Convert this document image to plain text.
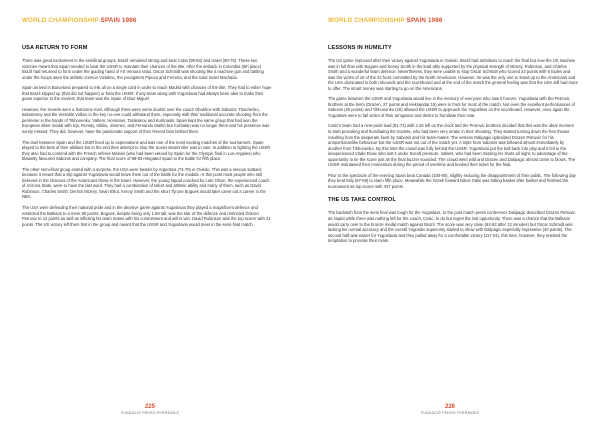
WORLD CHAMPIONSHIP SPAIN 1986
USA RETURN TO FORM

There was great excitement in the semifinal groups. Brazil remained strong and beat Cuba (99-83) and Israel (90-75). These two victories meant that Spain needed to beat the USSR to maintain their chances of the title. After the setback in Colombia (6th place) Brazil had returned to form under the guiding hand of Art Ventura Valui. Oscar Schmidt was shooting like a machine gun and battling under the hoops were the athletic Gerson Victalino, the youngsters Pipoca and Ferreira, and the solid Israel Machado.

Spain arrived in Barcelona prepared to risk all on a single card in order to reach Madrid with chances of the title. They had to either hope that Brazil slipped up (that did not happen) or beat the USSR. If any team along with Yugoslavia had always been able to make their game superior to the Soviets, that team was the Spain of Diaz Miguel.

However, the Soviets were a fearsome rival. Although there were some doubts over the coach Obukhov with Sabonis, Tkachenko, Belostenny and the versatile Volkov in the key no-one could withstand them, especially with their traditional accurate shooting from the perimeter in the hands of Tikhonenko, Valters, Homiciius, Tarakanov and Kurtinaitis. Spain kept the same group that had won the European silver medal with Epi, Romay, Sibilio, Jimenez, and Fernando Martin but Corbalan was no longer there and his presence was sorely missed. They did, however, have the passionate support of their fervent fans behind them.

The duel between Spain and the USSR lived up to expectations and was one of the most exciting matches of the tournament. Spain played to the best of their abilities but in the end their attempt to stop the Soviet steamroller was in vain. In addition to fighting the USSR they also had to contend with the French referee Mainini (who had been vetoed by Spain for the Olympic final in Los Angeles) who blatantly favoured Sabonis and company. The final score of 88-83 relegated Spain to the battle for fifth place.

The other semi-final group ended with a surprise, the USA were beaten by Argentina (74-70) in Oviedo. This was a serious setback because it meant that a slip against Yugoslavia would leave them out of the battle for the medals. At this point most people who still believed in the chances of the Americans threw in the towel. However, the young squad coached by Lute Olson, the experienced coach of Arizona State, were to have the last word. They had a combination of talent and athletic ability and many of them, such as David Robinson, Charles Smith, Derrick McKey, Sean Elliot, Kenny Smith and the short Tyrone Bogues would later carve out a career in the NBA.

The USA were defending their national pride and in the decisive game against Yugoslavia they played a magnificent defence and restricted the Balkans to a mere 60 points. Bogues, despite being only 1.59 tall, was the star of the defence and restricted Drazen Petrovic to 12 points as well as inflicting his team mates with his commitment and will to win. David Robinson was the top scorer with 21 points. The US victory left them first in the group and meant that the USSR and Yugoslavia would meet in the semi-final match.

225
FUNDACIÓ PEDRO FERRÁNDIZ
WORLD CHAMPIONSHIP SPAIN 1986
LESSONS IN HUMILITY

The US game improved after their victory against Yugoslavia in Oviedo. Brazil had ambitions to reach the final but now the US machine was in full flow with Bogues and Kenny Smith in the lead ably supported by the physical strength of McKey, Robinson, and Charles Smith and a wonderful team defence. Nevertheless, they were unable to stop Oscar Schmidt who scored 43 points with 5 triples and was the victim of 15 of the 22 fouls committed by the North Americans. However, he was the only one to stand up to the Americans and the USA dominated in both rebounds and the scoreboard and at the end of the match the general feeling was that the USA still had more to offer. The smart money was starting to go on the Americans.

The game between the USSR and Yugoslavia would live in the memory of everyone who saw it forever. Yugoslavia with the Petrovic brothers at the helm (Drazen, 27 points and Aleksandar 15) were in front for most of the match. Not even the excellent performances of Sabonis (25 points) and Tikhonenko (20) allowed the USSR to approach the Yugoslavs on the scoreboard. However, once again the Yugoslavs were to fall victim of their arrogance and desire to humiliate their rival.

Cosic's team had a nine-point lead (81-72) with 2.25 left on the clock and the Petrovic brothers decided that this was the ideal moment to start provoking and humiliating the Soviets, who had been very erratic in their shooting. They started turning down the free throws resulting from the desperate fouls by Sabonis and his team-mates. The veteran Dalipagic upbraided Drazen Petrovic for his unsportsmanlike behaviour but the USSR was not out of the match yet. A triple from Sabonis was followed almost immediately by another from Tikhonenko. By this time the crowd was fully behind the USSR. Yugoslavia put the ball back into play and it fell to the inexperienced Vlade Divac who lost it under Sverdl pressure. Valters, who had been missing his shots all night, to advantage of the opportunity to tie the score just as the final buzzer sounded. The crowd went wild and Drazen and Dalipagic almost came to blows. The USSR maintained their momentum during the period of overtime and booked their ticket for the final.

Prior to the spectacle of the evening Spain beat Canada (100-80), slightly reducing the disappointment of their public. The following day they beat Italy (87-69) to claim fifth place. Meanwhile the Greek forward Nikos Galis was hitting basket after basket and finished the tournament as top scorer with 337 points.

THE US TAKE CONTROL

The backlash from the semi final was tough for the Yugoslavs. In the post match press conference Dalipagic described Drazen Petrovic as stupid while there was nothing left for the coach, Cosic, to do but regret the lost opportunity. There was a chance that the Balkans would carry over to the bronze medal match against Brazil. The score was very close (92-92 after 12 minutes) but Oscar Schmidt was lacking his normal accuracy and the overall Yugoslav superiority started to show with Dalipagic especially impressive (30 points). The second half was easier for Yugoslavia and they pulled away for a comfortable victory (117-91), this time, however, they resisted the temptation to provoke their rivals.

226
FUNDACIÓ PEDRO FERRÁNDIZ
